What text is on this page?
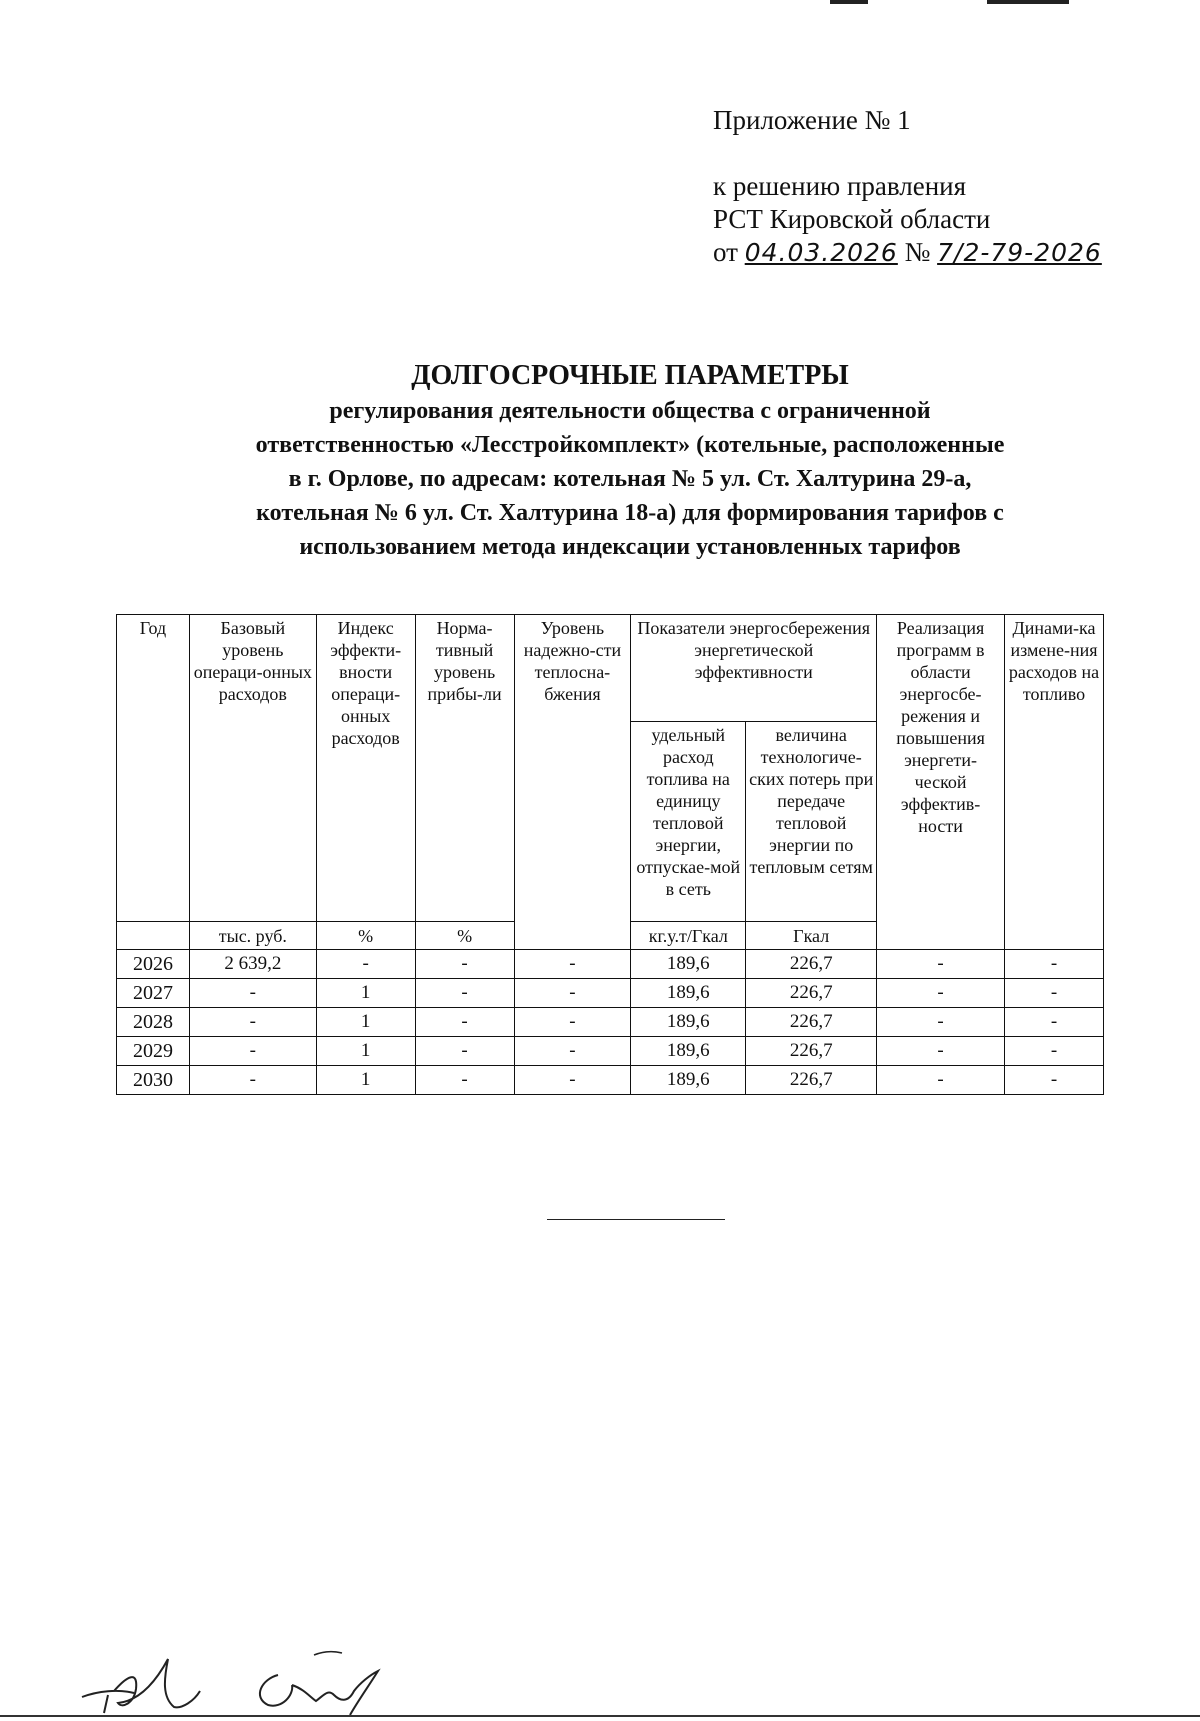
Приложение № 1
к решению правления
РСТ Кировской области
от 04.03.2026 № 7/2-79-2026
ДОЛГОСРОЧНЫЕ ПАРАМЕТРЫ
регулирования деятельности общества с ограниченной
ответственностью «Лесстройкомплект» (котельные, расположенные
в г. Орлове, по адресам: котельная № 5 ул. Ст. Халтурина 29-а,
котельная № 6 ул. Ст. Халтурина 18-а) для формирования тарифов с
использованием метода индексации установленных тарифов
Год	Базовый уровень операци-онных расходов	Индекс эффекти-вности операци-онных расходов	Норма-тивный уровень прибы-ли	Уровень надежно-сти теплосна-бжения	Показатели энергосбережения энергетической эффективности		Реализация программ в области энергосбе-режения и повышения энергети-ческой эффектив-ности	Динами-ка измене-ния расходов на топливо
					удельный расход топлива на единицу тепловой энергии, отпускае-мой в сеть	величина технологиче-ских потерь при передаче тепловой энергии по тепловым сетям		
	тыс. руб.	%	%		кг.у.т/Гкал	Гкал		
2026	2 639,2	-	-	-	189,6	226,7	-	-
2027	-	1	-	-	189,6	226,7	-	-
2028	-	1	-	-	189,6	226,7	-	-
2029	-	1	-	-	189,6	226,7	-	-
2030	-	1	-	-	189,6	226,7	-	-
